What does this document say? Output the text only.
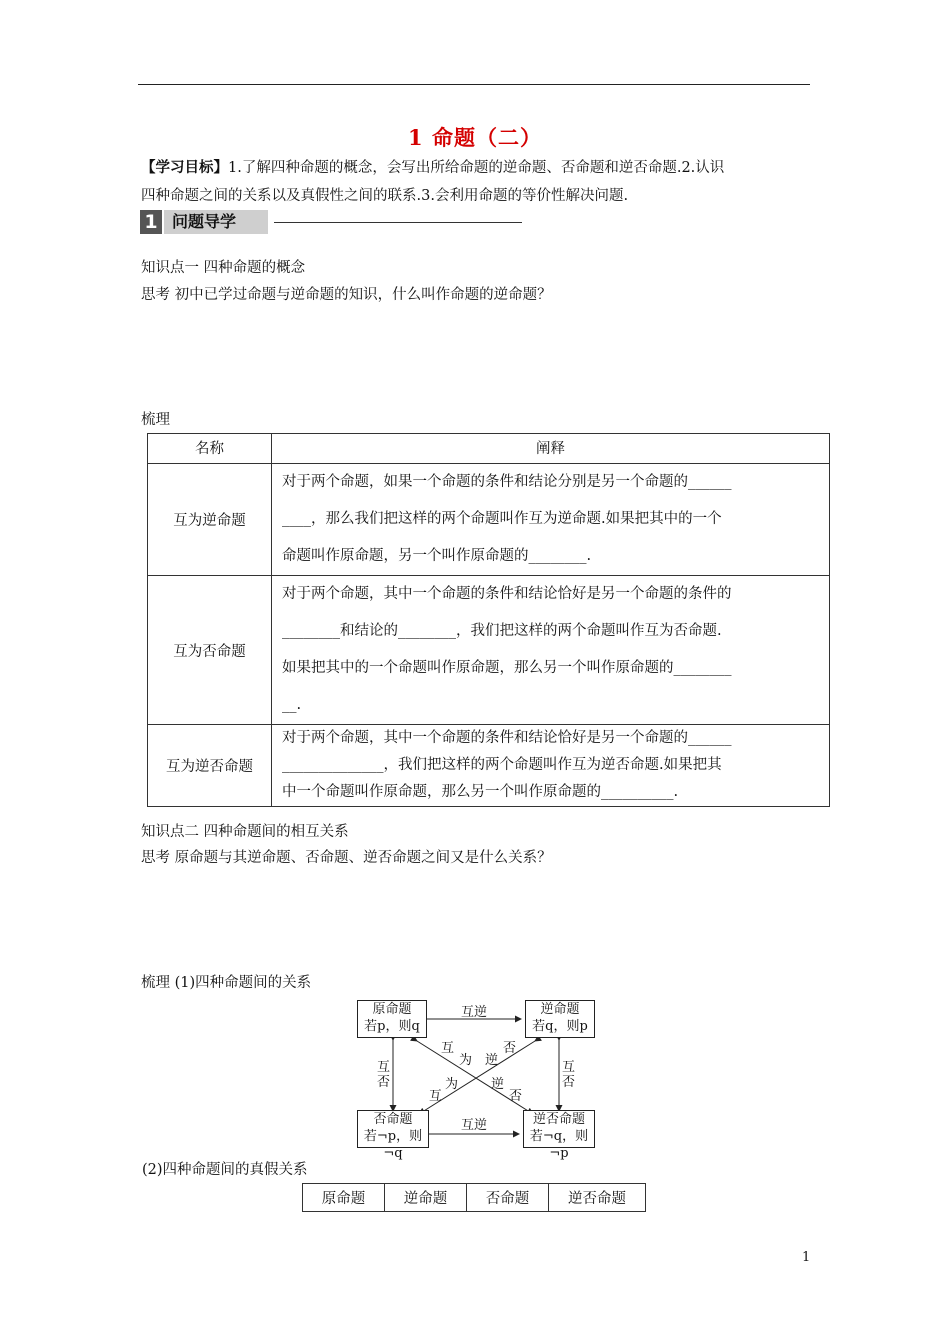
1 命题（二）
【学习目标】1.了解四种命题的概念，会写出所给命题的逆命题、否命题和逆否命题.2.认识
四种命题之间的关系以及真假性之间的联系.3.会利用命题的等价性解决问题.
1 问题导学
知识点一 四种命题的概念
思考 初中已学过命题与逆命题的知识，什么叫作命题的逆命题？
梳理
名称	阐释
互为逆命题	对于两个命题，如果一个命题的条件和结论分别是另一个命题的______
____，那么我们把这样的两个命题叫作互为逆命题.如果把其中的一个
命题叫作原命题，另一个叫作原命题的________.

互为否命题	对于两个命题，其中一个命题的条件和结论恰好是另一个命题的条件的
________和结论的________，我们把这样的两个命题叫作互为否命题.
如果把其中的一个命题叫作原命题，那么另一个叫作原命题的________
__.

互为逆否命题	对于两个命题，其中一个命题的条件和结论恰好是另一个命题的______
______________，我们把这样的两个命题叫作互为逆否命题.如果把其
中一个命题叫作原命题，那么另一个叫作原命题的__________.
知识点二 四种命题间的相互关系
思考 原命题与其逆命题、否命题、逆否命题之间又是什么关系？
梳理 (1)四种命题间的关系
原命题
若p，则q
逆命题
若q，则p
否命题
若¬p，则¬q
逆否命题
若¬q，则¬p
互逆
互逆
互
否
互
否
互
为 逆
否
逆
否
为
互
(2)四种命题间的真假关系
原命题	逆命题	否命题	逆否命题
1
